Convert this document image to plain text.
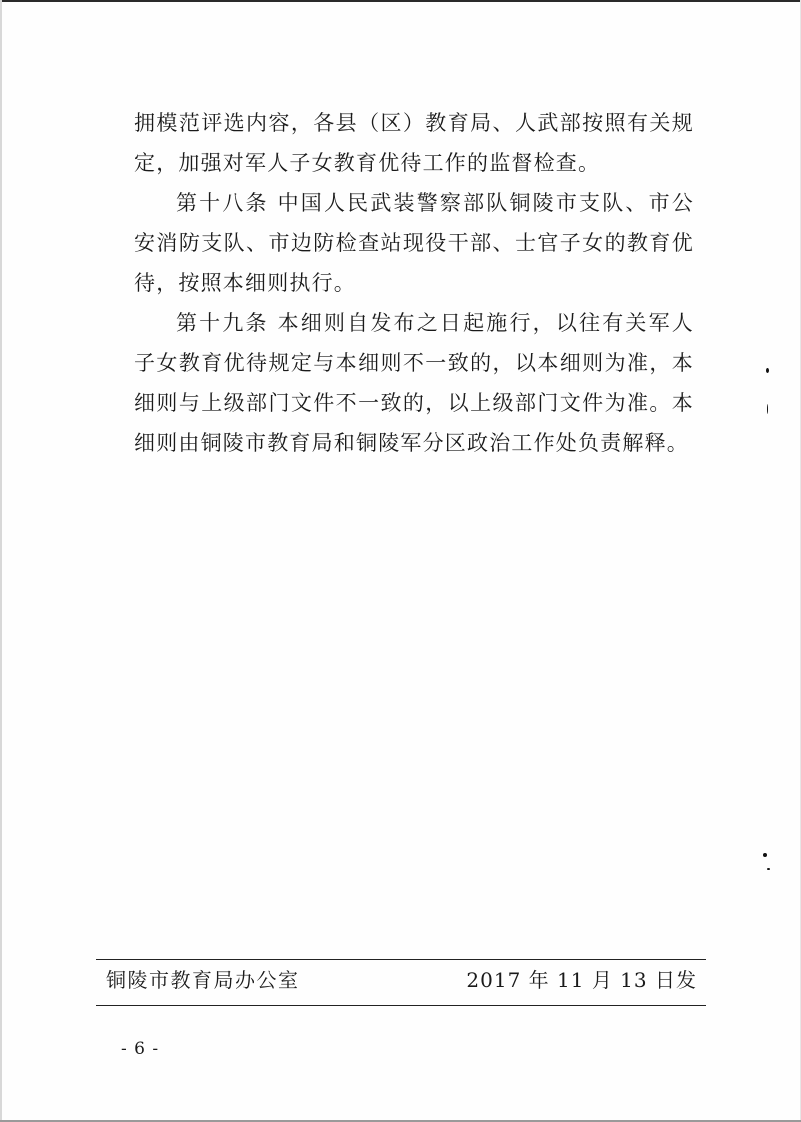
拥模范评选内容，各县（区）教育局、人武部按照有关规定，加强对军人子女教育优待工作的监督检查。

第十八条 中国人民武装警察部队铜陵市支队、市公安消防支队、市边防检查站现役干部、士官子女的教育优待，按照本细则执行。

第十九条 本细则自发布之日起施行，以往有关军人子女教育优待规定与本细则不一致的，以本细则为准，本细则与上级部门文件不一致的，以上级部门文件为准。本细则由铜陵市教育局和铜陵军分区政治工作处负责解释。

铜陵市教育局办公室	2017 年 11 月 13 日发
- 6 -
